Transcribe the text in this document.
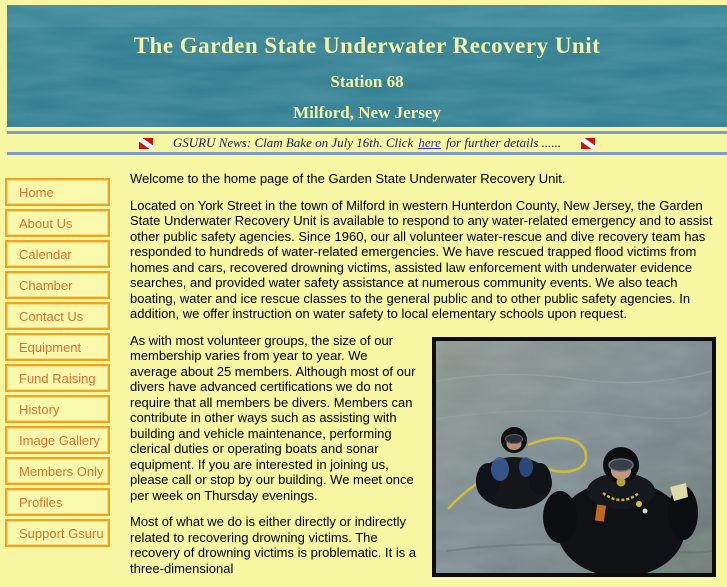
The Garden State Underwater Recovery Unit
Station 68
Milford, New Jersey
GSURU News: Clam Bake on July 16th. Click here for further details ......
Home
About Us
Calendar
Chamber
Contact Us
Equipment
Fund Raising
History
Image Gallery
Members Only
Profiles
Support Gsuru

Welcome to the home page of the Garden State Underwater Recovery Unit.

Located on York Street in the town of Milford in western Hunterdon County, New Jersey, the Garden State Underwater Recovery Unit is available to respond to any water-related emergency and to assist other public safety agencies. Since 1960, our all volunteer water-rescue and dive recovery team has responded to hundreds of water-related emergencies. We have rescued trapped flood victims from homes and cars, recovered drowning victims, assisted law enforcement with underwater evidence searches, and provided water safety assistance at numerous community events. We also teach boating, water and ice rescue classes to the general public and to other public safety agencies. In addition, we offer instruction on water safety to local elementary schools upon request.

As with most volunteer groups, the size of our membership varies from year to year. We average about 25 members. Although most of our divers have advanced certifications we do not require that all members be divers. Members can contribute in other ways such as assisting with building and vehicle maintenance, performing clerical duties or operating boats and sonar equipment. If you are interested in joining us, please call or stop by our building. We meet once per week on Thursday evenings.

Most of what we do is either directly or indirectly related to recovering drowning victims. The recovery of drowning victims is problematic. It is a three-dimensional
